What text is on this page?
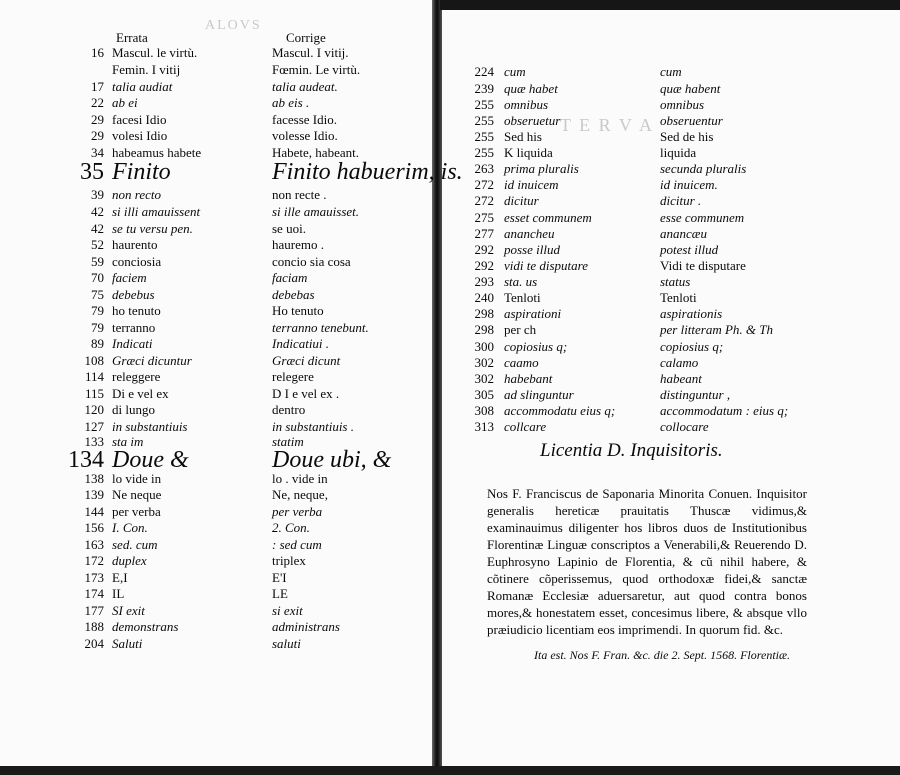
ALOVS
T E R V A
Errata	Corrige
16 Mascul. le virtù.	Mascul. I vitij.
Femin. I vitij	Fœmin. Le virtù.
17 talia audiat	talia audeat.
22 ab ei	ab eis .
29 facesi Idio	facesse Idio.
29 volesi Idio	volesse Idio.
34 habeamus habete	Habete, habeant.
35 Finito	Finito habuerim, is.
39 non recto	non recte .
42 si illi amauissent	si ille amauisset.
42 se tu versu pen.	se uoi.
52 haurento	hauremo .
59 conciosia	concio sia cosa
70 faciem	faciam
75 debebus	debebas
79 ho tenuto	Ho tenuto
79 terranno	terranno tenebunt.
89 Indicati	Indicatiui .
108 Græci dicuntur	Græci dicunt
114 releggere	relegere
115 Di e vel ex	D I e vel ex .
120 di lungo	dentro
127 in substantiuis	in substantiuis .
133 sta im	statim
134 Doue &	Doue ubi, &
138 lo vide in	lo . vide in
139 Ne neque	Ne, neque,
144 per verba	per verba
156 I. Con.	2. Con.
163 sed. cum	: sed cum
172 duplex	triplex
173 E,I	E'I
174 IL	LE
177 SI exit	si exit
188 demonstrans	administrans
204 Saluti	saluti
224 cum	cum
239 quæ habet	quæ habent
255 omnibus	omnibus
255 obseruetur	obseruentur
255 Sed his	Sed de his
255 K liquida	liquida
263 prima pluralis	secunda pluralis
272 id inuicem	id inuicem.
272 dicitur	dicitur .
275 esset communem	esse communem
277 anancheu	anancæu
292 posse illud	potest illud
292 vidi te disputare	Vidi te disputare
293 sta. us	status
240 Tenloti	Tenloti
298 aspirationi	aspirationis
298 per ch	per litteram Ph. & Th
300 copiosius q;	copiosius q;
302 caamo	calamo
302 habebant	habeant
305 ad slinguntur	distinguntur ,
308 accommodatu eius q;	accommodatum : eius q;
313 collcare	collocare
Licentia D. Inquisitoris.
Nos F. Franciscus de Saponaria Minorita Conuen. Inquisitor generalis hereticæ prauitatis Thuscæ vidimus,& examinauimus diligenter hos libros duos de Institutionibus Florentinæ Linguæ conscriptos a Venerabili,& Reuerendo D. Euphrosyno Lapinio de Florentia, & cũ nihil habere, & cõtinere cõperissemus, quod orthodoxæ fidei,& sanctæ Romanæ Ecclesiæ aduersaretur, aut quod contra bonos mores,& honestatem esset, concesimus libere, & absque vllo præiudicio licentiam eos imprimendi. In quorum fid. &c.
Ita est. Nos F. Fran. &c. die 2. Sept. 1568. Florentiæ.
